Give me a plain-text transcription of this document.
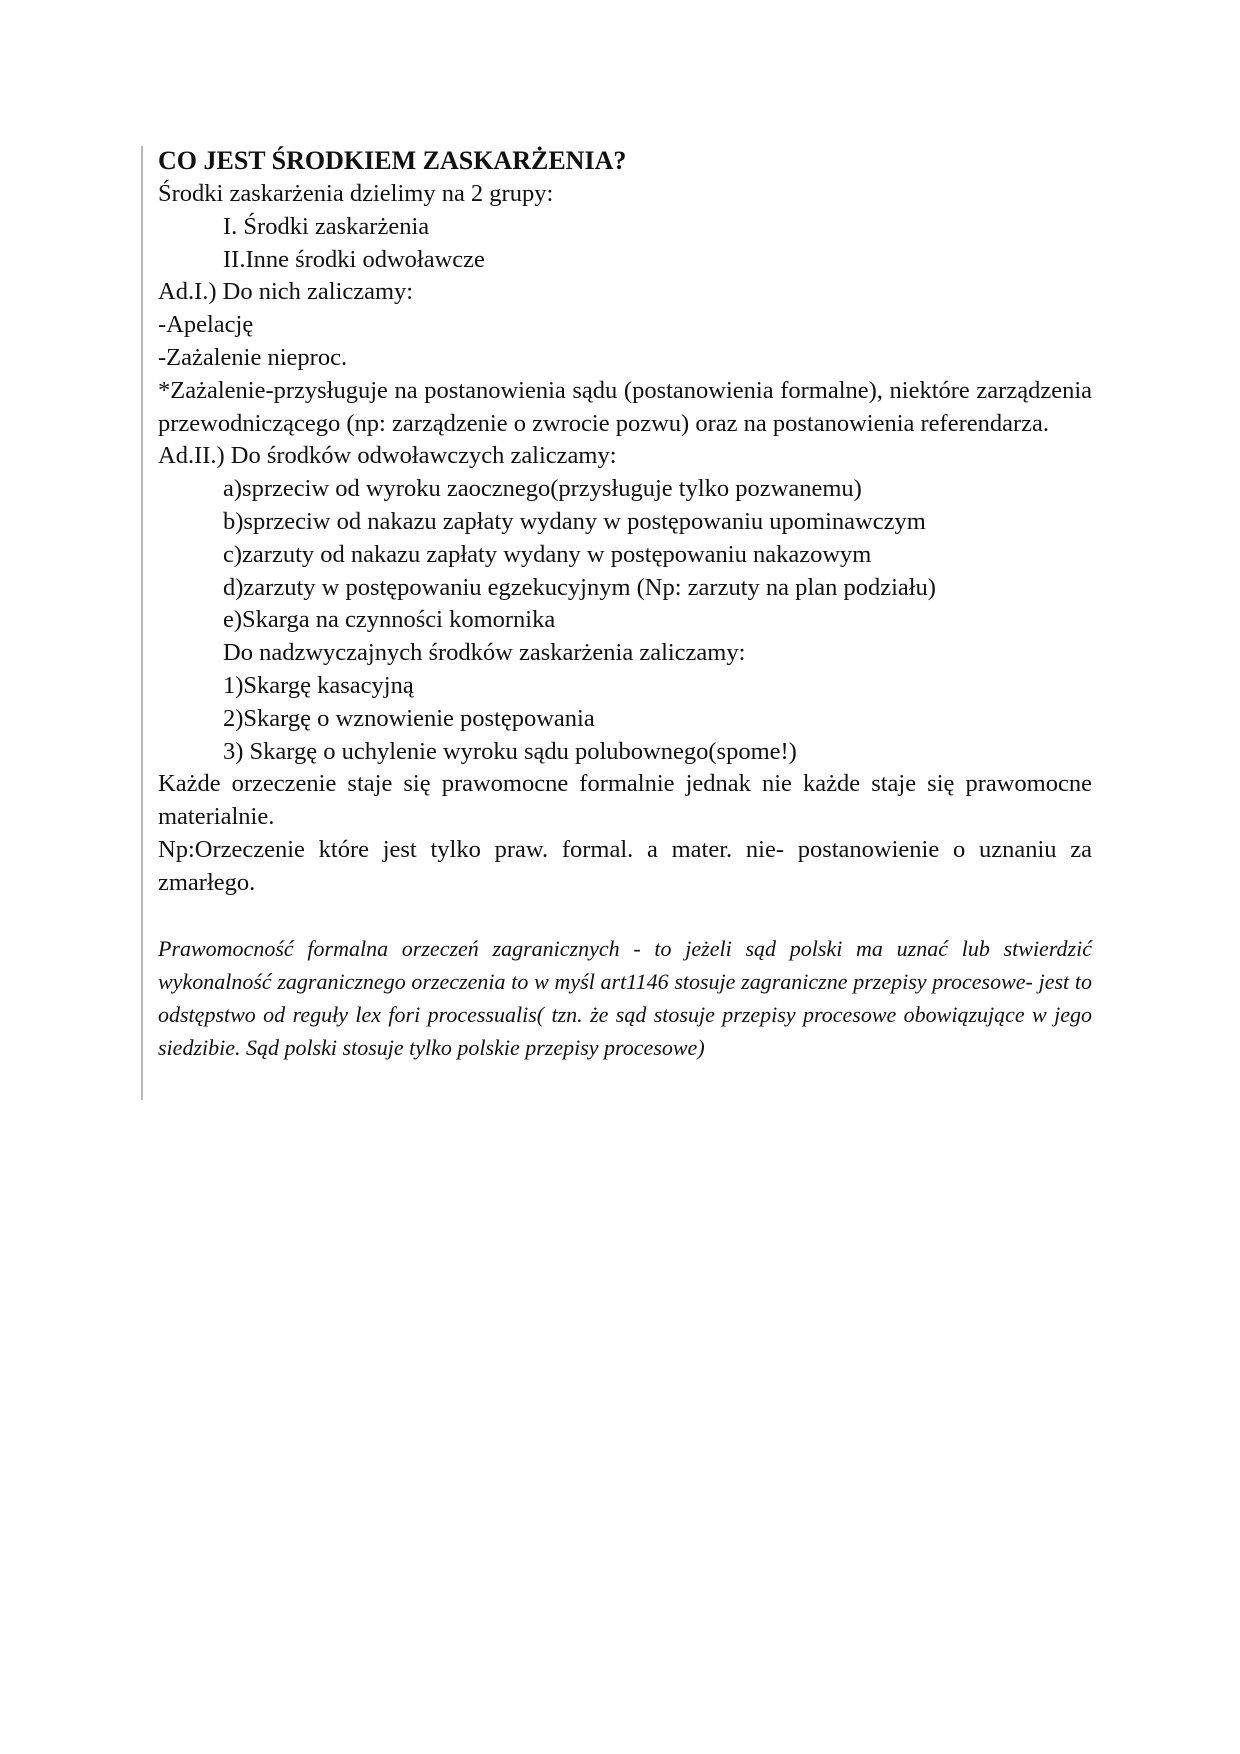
CO JEST ŚRODKIEM ZASKARŻENIA?

Środki zaskarżenia dzielimy na 2 grupy:

I. Środki zaskarżenia

II.Inne środki odwoławcze

Ad.I.) Do nich zaliczamy:

-Apelację

-Zażalenie nieproc.

*Zażalenie-przysługuje na postanowienia sądu (postanowienia formalne), niektóre zarządzenia przewodniczącego (np: zarządzenie o zwrocie pozwu) oraz na postanowienia referendarza.

Ad.II.) Do środków odwoławczych zaliczamy:

a)sprzeciw od wyroku zaocznego(przysługuje tylko pozwanemu)

b)sprzeciw od nakazu zapłaty wydany w postępowaniu upominawczym

c)zarzuty od nakazu zapłaty wydany w postępowaniu nakazowym

d)zarzuty w postępowaniu egzekucyjnym (Np: zarzuty na plan podziału)

e)Skarga na czynności komornika

Do nadzwyczajnych środków zaskarżenia zaliczamy:

1)Skargę kasacyjną

2)Skargę o wznowienie postępowania

3) Skargę o uchylenie wyroku sądu polubownego(spome!)

Każde orzeczenie staje się prawomocne formalnie jednak nie każde staje się prawomocne materialnie.

Np:Orzeczenie które jest tylko praw. formal. a mater. nie- postanowienie o uznaniu za zmarłego.

Prawomocność formalna orzeczeń zagranicznych - to jeżeli sąd polski ma uznać lub stwierdzić wykonalność zagranicznego orzeczenia to w myśl art1146 stosuje zagraniczne przepisy procesowe- jest to odstępstwo od reguły lex fori processualis( tzn. że sąd stosuje przepisy procesowe obowiązujące w jego siedzibie. Sąd polski stosuje tylko polskie przepisy procesowe)
